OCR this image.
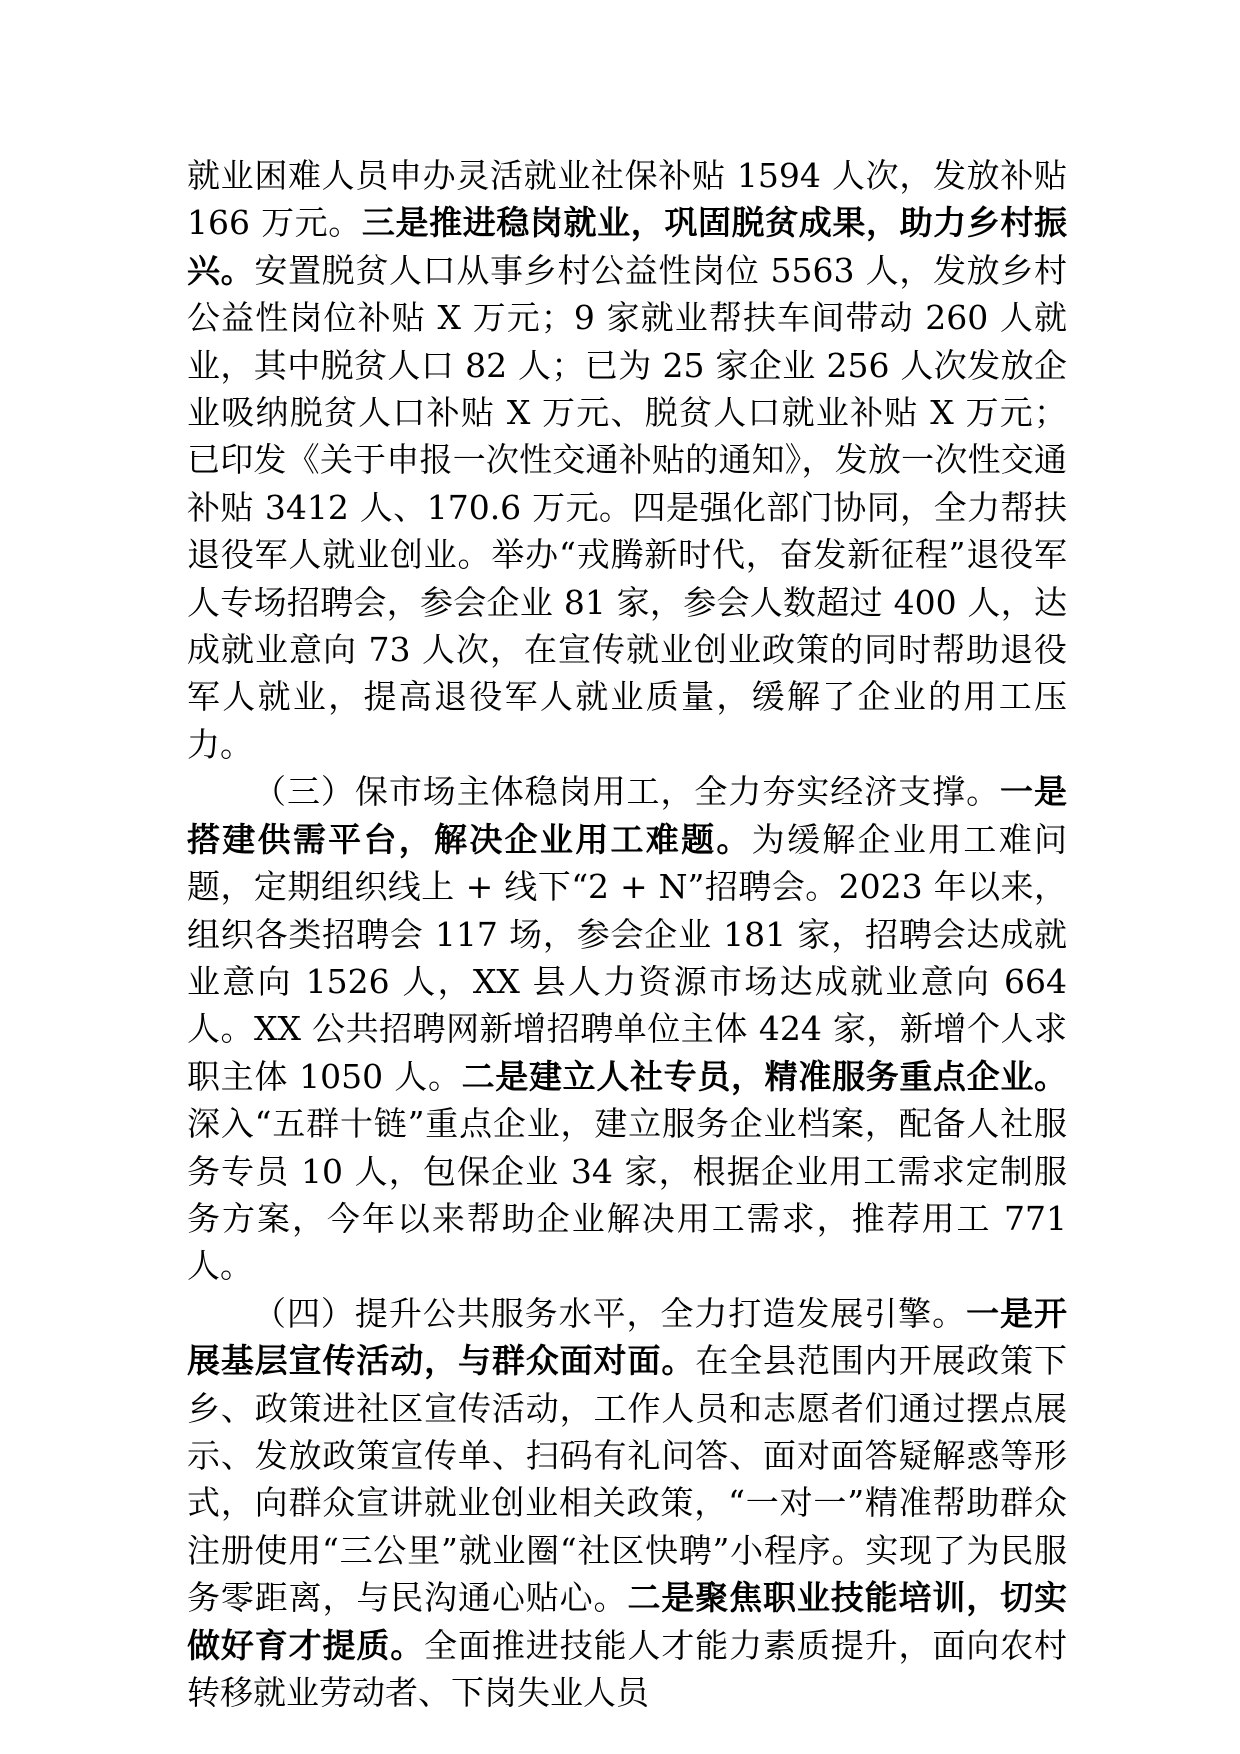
就业困难人员申办灵活就业社保补贴 1594 人次，发放补贴 166 万元。三是推进稳岗就业，巩固脱贫成果，助力乡村振兴。安置脱贫人口从事乡村公益性岗位 5563 人，发放乡村公益性岗位补贴 X 万元；9 家就业帮扶车间带动 260 人就业，其中脱贫人口 82 人；已为 25 家企业 256 人次发放企业吸纳脱贫人口补贴 X 万元、脱贫人口就业补贴 X 万元；已印发《关于申报一次性交通补贴的通知》，发放一次性交通补贴 3412 人、170.6 万元。四是强化部门协同，全力帮扶退役军人就业创业。举办“戎腾新时代，奋发新征程”退役军人专场招聘会，参会企业 81 家，参会人数超过 400 人，达成就业意向 73 人次，在宣传就业创业政策的同时帮助退役军人就业，提高退役军人就业质量，缓解了企业的用工压力。

（三）保市场主体稳岗用工，全力夯实经济支撑。一是搭建供需平台，解决企业用工难题。为缓解企业用工难问题，定期组织线上 + 线下“2 + N”招聘会。2023 年以来，组织各类招聘会 117 场，参会企业 181 家，招聘会达成就业意向 1526 人，XX 县人力资源市场达成就业意向 664 人。XX 公共招聘网新增招聘单位主体 424 家，新增个人求职主体 1050 人。二是建立人社专员，精准服务重点企业。深入“五群十链”重点企业，建立服务企业档案，配备人社服务专员 10 人，包保企业 34 家，根据企业用工需求定制服务方案，今年以来帮助企业解决用工需求，推荐用工 771 人。

（四）提升公共服务水平，全力打造发展引擎。一是开展基层宣传活动，与群众面对面。在全县范围内开展政策下乡、政策进社区宣传活动，工作人员和志愿者们通过摆点展示、发放政策宣传单、扫码有礼问答、面对面答疑解惑等形式，向群众宣讲就业创业相关政策，“一对一”精准帮助群众注册使用“三公里”就业圈“社区快聘”小程序。实现了为民服务零距离，与民沟通心贴心。二是聚焦职业技能培训，切实做好育才提质。全面推进技能人才能力素质提升，面向农村转移就业劳动者、下岗失业人员
